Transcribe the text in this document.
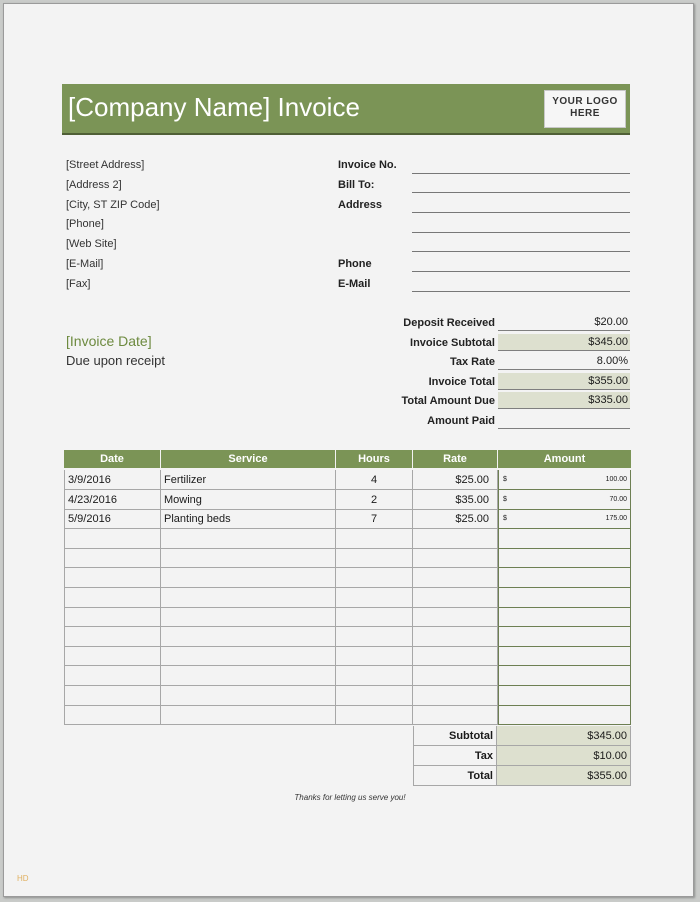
[Company Name] Invoice	YOUR LOGO
HERE
[Street Address]
[Address 2]
[City, ST ZIP Code]
[Phone]
[Web Site]
[E-Mail]
[Fax]
Invoice No.
Bill To:
Address
Phone
E-Mail
[Invoice Date]
Due upon receipt
Deposit Received	$20.00
Invoice Subtotal	$345.00
Tax Rate	8.00%
Invoice Total	$355.00
Total Amount Due	$335.00
Amount Paid
Date	Service	Hours	Rate	Amount
3/9/2016	Fertilizer	4	$25.00	$	100.00
4/23/2016	Mowing	2	$35.00	$	70.00
5/9/2016	Planting beds	7	$25.00	$	175.00
Subtotal	$345.00
Tax	$10.00
Total	$355.00
Thanks for letting us serve you!
HD
